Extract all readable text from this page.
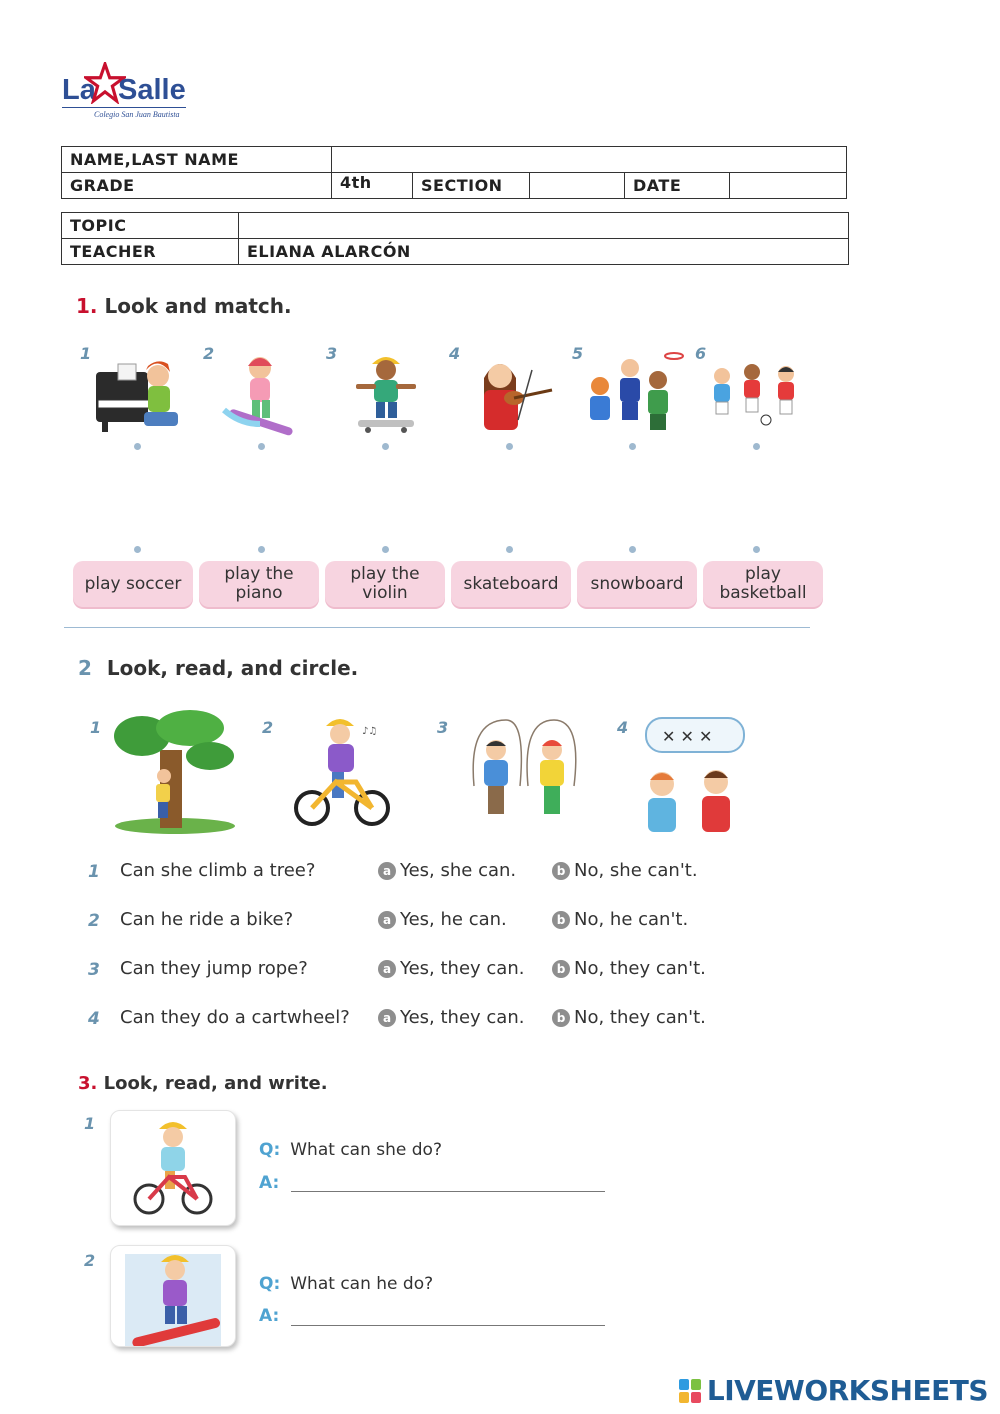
La Salle
Colegio San Juan Bautista
NAME,LAST NAME					
GRADE	4th	SECTION		DATE	
TOPIC	
TEACHER	ELIANA ALARCÓN
1. Look and match.
1	2	3	4	5	6
play soccer	play the piano
play the violin	skateboard	snowboard	play basketball
2 Look, read, and circle.
1	2	3	4
♪♫	✕ ✕ ✕
1 Can she climb a tree?	a Yes, she can.	b No, she can't.
2 Can he ride a bike?	a Yes, he can.	b No, he can't.
3 Can they jump rope?	a Yes, they can.	b No, they can't.
4 Can they do a cartwheel?	a Yes, they can.	b No, they can't.
3. Look, read, and write.
1
Q: What can she do?
A:
2
Q: What can he do?
A:
LIVEWORKSHEETS
